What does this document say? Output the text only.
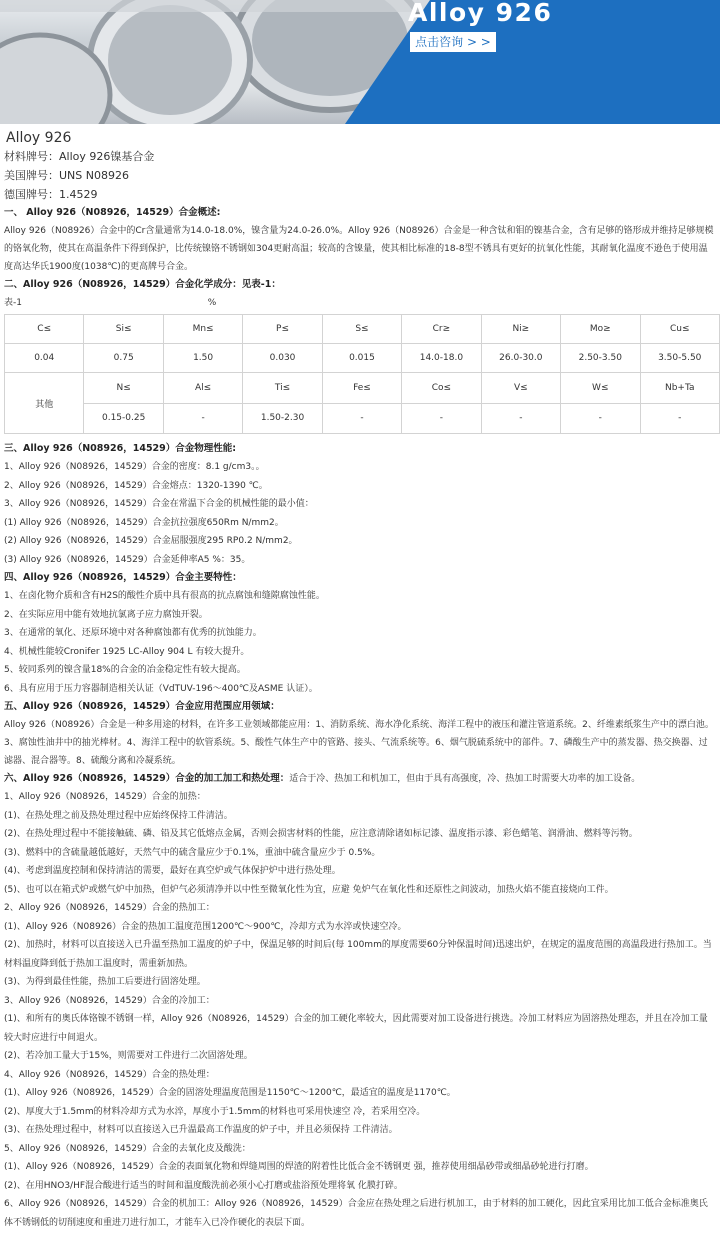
Alloy 926
点击咨询 > >
Alloy 926

材料牌号：Alloy 926镍基合金

美国牌号：UNS N08926

德国牌号：1.4529

一、 Alloy 926（N08926，14529）合金概述:

Alloy 926（N08926）合金中的Cr含量通常为14.0-18.0%，镍含量为24.0-26.0%。Alloy 926（N08926）合金是一种含钛和钼的镍基合金，含有足够的铬形成并维持足够规模的铬氧化物，使其在高温条件下得到保护，比传统镍铬不锈钢如304更耐高温；较高的含镍量，使其相比标准的18-8型不锈具有更好的抗氧化性能，其耐氧化温度不逊色于使用温度高达华氏1900度(1038℃)的更高牌号合金。

二、Alloy 926（N08926，14529）合金化学成分：见表-1：

表-1	%

C≤	Si≤	Mn≤	P≤	S≤	Cr≥	Ni≥	Mo≥	Cu≤
0.04	0.75	1.50	0.030	0.015	14.0-18.0	26.0-30.0	2.50-3.50	3.50-5.50
其他	N≤	Al≤	Ti≤	Fe≤	Co≤	V≤	W≤	Nb+Ta
	0.15-0.25	-	1.50-2.30	-	-	-	-	-

三、Alloy 926（N08926，14529）合金物理性能:

1、Alloy 926（N08926，14529）合金的密度：8.1 g/cm3。。

2、Alloy 926（N08926，14529）合金熔点：1320-1390 ℃。

3、Alloy 926（N08926，14529）合金在常温下合金的机械性能的最小值：

(1) Alloy 926（N08926，14529）合金抗拉强度650Rm N/mm2。

(2) Alloy 926（N08926，14529）合金屈服强度295 RP0.2 N/mm2。

(3) Alloy 926（N08926，14529）合金延伸率A5 %：35。

四、Alloy 926（N08926，14529）合金主要特性：

1、在卤化物介质和含有H2S的酸性介质中具有很高的抗点腐蚀和缝隙腐蚀性能。

2、在实际应用中能有效地抗氯离子应力腐蚀开裂。

3、在通常的氧化、还原环境中对各种腐蚀都有优秀的抗蚀能力。

4、机械性能较Cronifer 1925 LC-Alloy 904 L 有较大提升。

5、较同系列的镍含量18%的合金的冶金稳定性有较大提高。

6、具有应用于压力容器制造相关认证（VdTUV-196～400℃及ASME 认证）。

五、Alloy 926（N08926，14529）合金应用范围应用领域：

Alloy 926（N08926）合金是一种多用途的材料，在许多工业领域都能应用：1、消防系统、海水净化系统、海洋工程中的液压和灌注管道系统。2、纤维素纸浆生产中的漂白池。3、腐蚀性油井中的抽光棒材。4、海洋工程中的软管系统。5、酸性气体生产中的管路、接头、气流系统等。6、烟气脱硫系统中的部件。7、磷酸生产中的蒸发器、热交换器、过滤器、混合器等。8、硫酸分离和冷凝系统。

六、Alloy 926（N08926，14529）合金的加工加工和热处理：适合于冷、热加工和机加工，但由于具有高强度，冷、热加工时需要大功率的加工设备。

1、Alloy 926（N08926，14529）合金的加热：

(1)、在热处理之前及热处理过程中应始终保持工件清洁。

(2)、在热处理过程中不能接触硫、磷、铅及其它低熔点金属，否则会损害材料的性能，应注意清除诸如标记漆、温度指示漆、彩色蜡笔、润滑油、燃料等污物。

(3)、燃料中的含硫量越低越好，天然气中的硫含量应少于0.1%，重油中硫含量应少于 0.5%。

(4)、考虑到温度控制和保持清洁的需要，最好在真空炉或气体保护炉中进行热处理。

(5)、也可以在箱式炉或燃气炉中加热，但炉气必须清净并以中性至微氧化性为宜，应避 免炉气在氧化性和还原性之间波动，加热火焰不能直接烧向工件。

2、Alloy 926（N08926，14529）合金的热加工：

(1)、Alloy 926（N08926）合金的热加工温度范围1200℃～900℃，冷却方式为水淬或快速空冷。

(2)、加热时，材料可以直接送入已升温至热加工温度的炉子中，保温足够的时间后(每 100mm的厚度需要60分钟保温时间)迅速出炉，在规定的温度范围的高温段进行热加工。当材料温度降到低于热加工温度时，需重新加热。

(3)、为得到最佳性能，热加工后要进行固溶处理。

3、Alloy 926（N08926，14529）合金的冷加工：

(1)、和所有的奥氏体铬镍不锈钢一样，Alloy 926（N08926，14529）合金的加工硬化率较大，因此需要对加工设备进行挑选。冷加工材料应为固溶热处理态，并且在冷加工量较大时应进行中间退火。

(2)、若冷加工量大于15%，则需要对工件进行二次固溶处理。

4、Alloy 926（N08926，14529）合金的热处理：

(1)、Alloy 926（N08926，14529）合金的固溶处理温度范围是1150℃～1200℃，最适宜的温度是1170℃。

(2)、厚度大于1.5mm的材料冷却方式为水淬，厚度小于1.5mm的材料也可采用快速空 冷，若采用空冷。

(3)、在热处理过程中，材料可以直接送入已升温最高工作温度的炉子中，并且必须保持 工件清洁。

5、Alloy 926（N08926，14529）合金的去氧化皮及酸洗：

(1)、Alloy 926（N08926，14529）合金的表面氧化物和焊缝周围的焊渣的附着性比低合金不锈钢更 强，推荐使用细晶砂带或细晶砂轮进行打磨。

(2)、在用HNO3/HF混合酸进行适当的时间和温度酸洗前必须小心打磨或盐浴预处理将氧 化膜打碎。

6、Alloy 926（N08926，14529）合金的机加工：Alloy 926（N08926，14529）合金应在热处理之后进行机加工，由于材料的加工硬化，因此宜采用比加工低合金标准奥氏体不锈钢低的切削速度和重进刀进行加工，才能车入已冷作硬化的表层下面。
